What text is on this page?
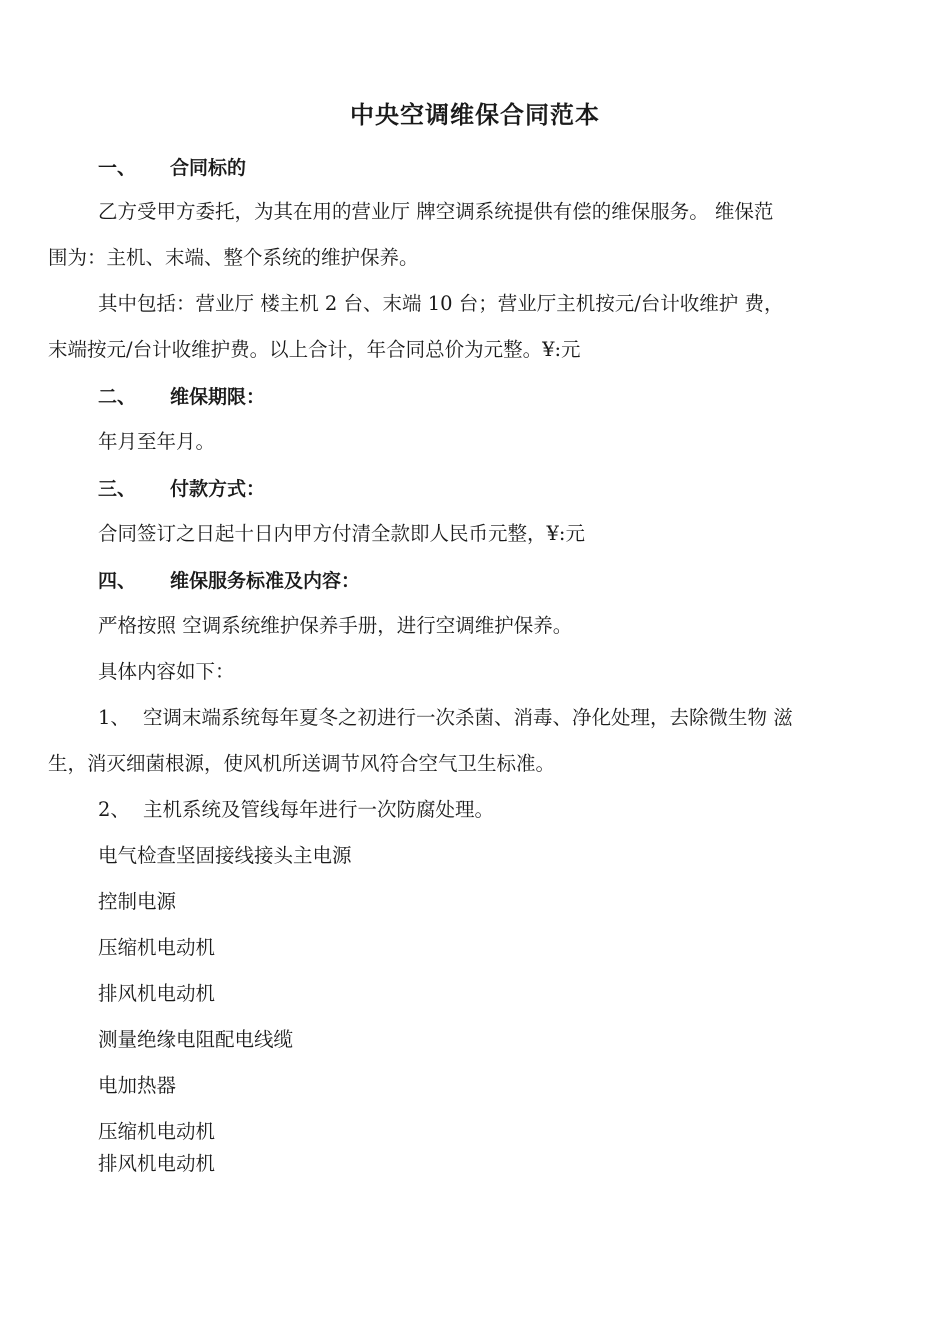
中央空调维保合同范本
一、 合同标的
乙方受甲方委托，为其在用的营业厅 牌空调系统提供有偿的维保服务。 维保范
围为：主机、末端、整个系统的维护保养。
其中包括：营业厅 楼主机 2 台、末端 10 台；营业厅主机按元/台计收维护 费，
末端按元/台计收维护费。以上合计，年合同总价为元整。¥:元
二、 维保期限：
年月至年月。
三、 付款方式：
合同签订之日起十日内甲方付清全款即人民币元整，¥:元
四、 维保服务标准及内容：
严格按照 空调系统维护保养手册，进行空调维护保养。
具体内容如下：
1、 空调末端系统每年夏冬之初进行一次杀菌、消毒、净化处理，去除微生物 滋
生，消灭细菌根源，使风机所送调节风符合空气卫生标准。
2、 主机系统及管线每年进行一次防腐处理。
电气检查坚固接线接头主电源
控制电源
压缩机电动机
排风机电动机
测量绝缘电阻配电线缆
电加热器
压缩机电动机
排风机电动机
